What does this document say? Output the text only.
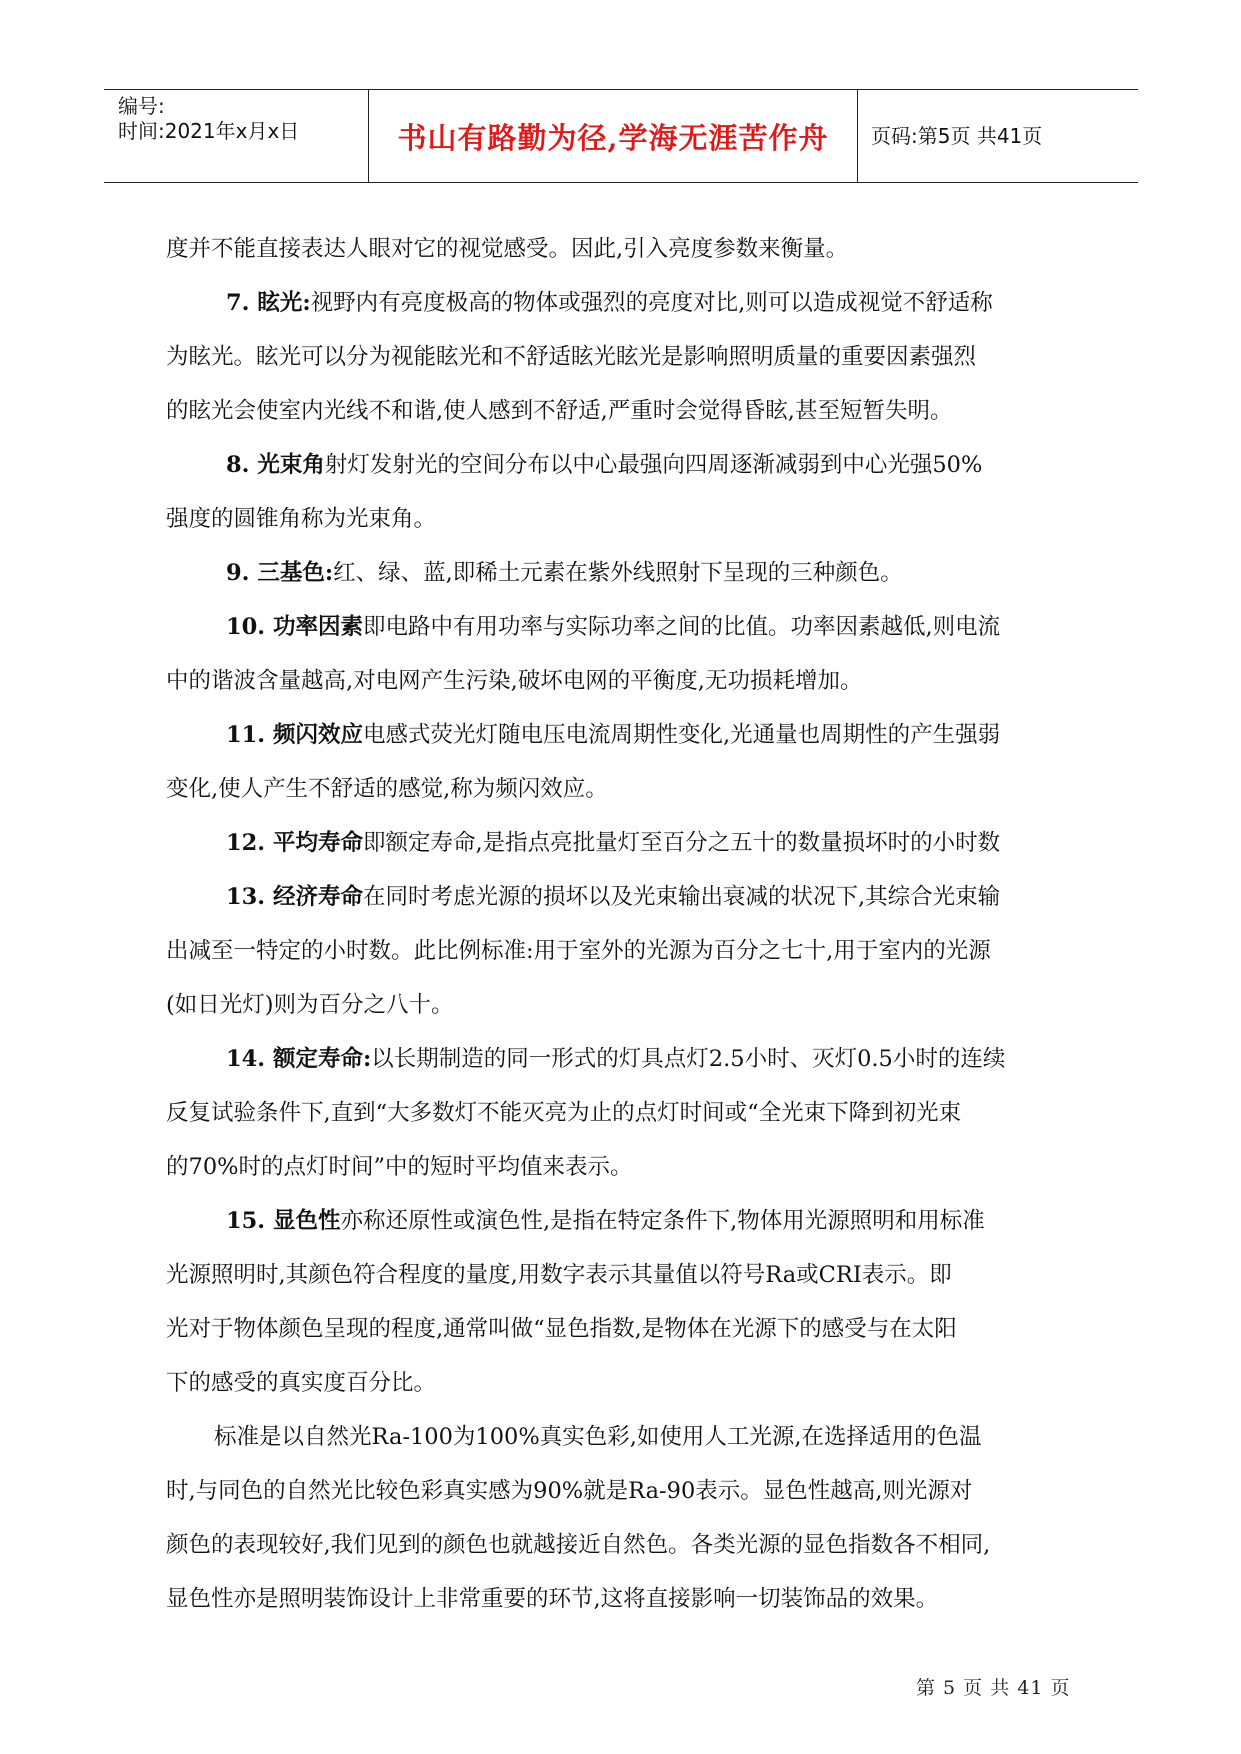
编号:
时间:2021年x月x日	书山有路勤为径,学海无涯苦作舟 页码:第5页 共41页
度并不能直接表达人眼对它的视觉感受。因此,引入亮度参数来衡量。
7. 眩光:视野内有亮度极高的物体或强烈的亮度对比,则可以造成视觉不舒适称
为眩光。眩光可以分为视能眩光和不舒适眩光眩光是影响照明质量的重要因素强烈
的眩光会使室内光线不和谐,使人感到不舒适,严重时会觉得昏眩,甚至短暂失明。
8. 光束角射灯发射光的空间分布以中心最强向四周逐渐减弱到中心光强50%
强度的圆锥角称为光束角。
9. 三基色:红、绿、蓝,即稀土元素在紫外线照射下呈现的三种颜色。
10. 功率因素即电路中有用功率与实际功率之间的比值。功率因素越低,则电流
中的谐波含量越高,对电网产生污染,破坏电网的平衡度,无功损耗增加。
11. 频闪效应电感式荧光灯随电压电流周期性变化,光通量也周期性的产生强弱
变化,使人产生不舒适的感觉,称为频闪效应。
12. 平均寿命即额定寿命,是指点亮批量灯至百分之五十的数量损坏时的小时数
13. 经济寿命在同时考虑光源的损坏以及光束输出衰减的状况下,其综合光束输
出减至一特定的小时数。此比例标准:用于室外的光源为百分之七十,用于室内的光源
(如日光灯)则为百分之八十。
14. 额定寿命:以长期制造的同一形式的灯具点灯2.5小时、灭灯0.5小时的连续
反复试验条件下,直到“大多数灯不能灭亮为止的点灯时间或“全光束下降到初光束
的70%时的点灯时间”中的短时平均值来表示。
15. 显色性亦称还原性或演色性,是指在特定条件下,物体用光源照明和用标准
光源照明时,其颜色符合程度的量度,用数字表示其量值以符号Ra或CRI表示。即
光对于物体颜色呈现的程度,通常叫做“显色指数,是物体在光源下的感受与在太阳
下的感受的真实度百分比。
标准是以自然光Ra-100为100%真实色彩,如使用人工光源,在选择适用的色温
时,与同色的自然光比较色彩真实感为90%就是Ra-90表示。显色性越高,则光源对
颜色的表现较好,我们见到的颜色也就越接近自然色。各类光源的显色指数各不相同,
显色性亦是照明装饰设计上非常重要的环节,这将直接影响一切装饰品的效果。
第 5 页 共 41 页
